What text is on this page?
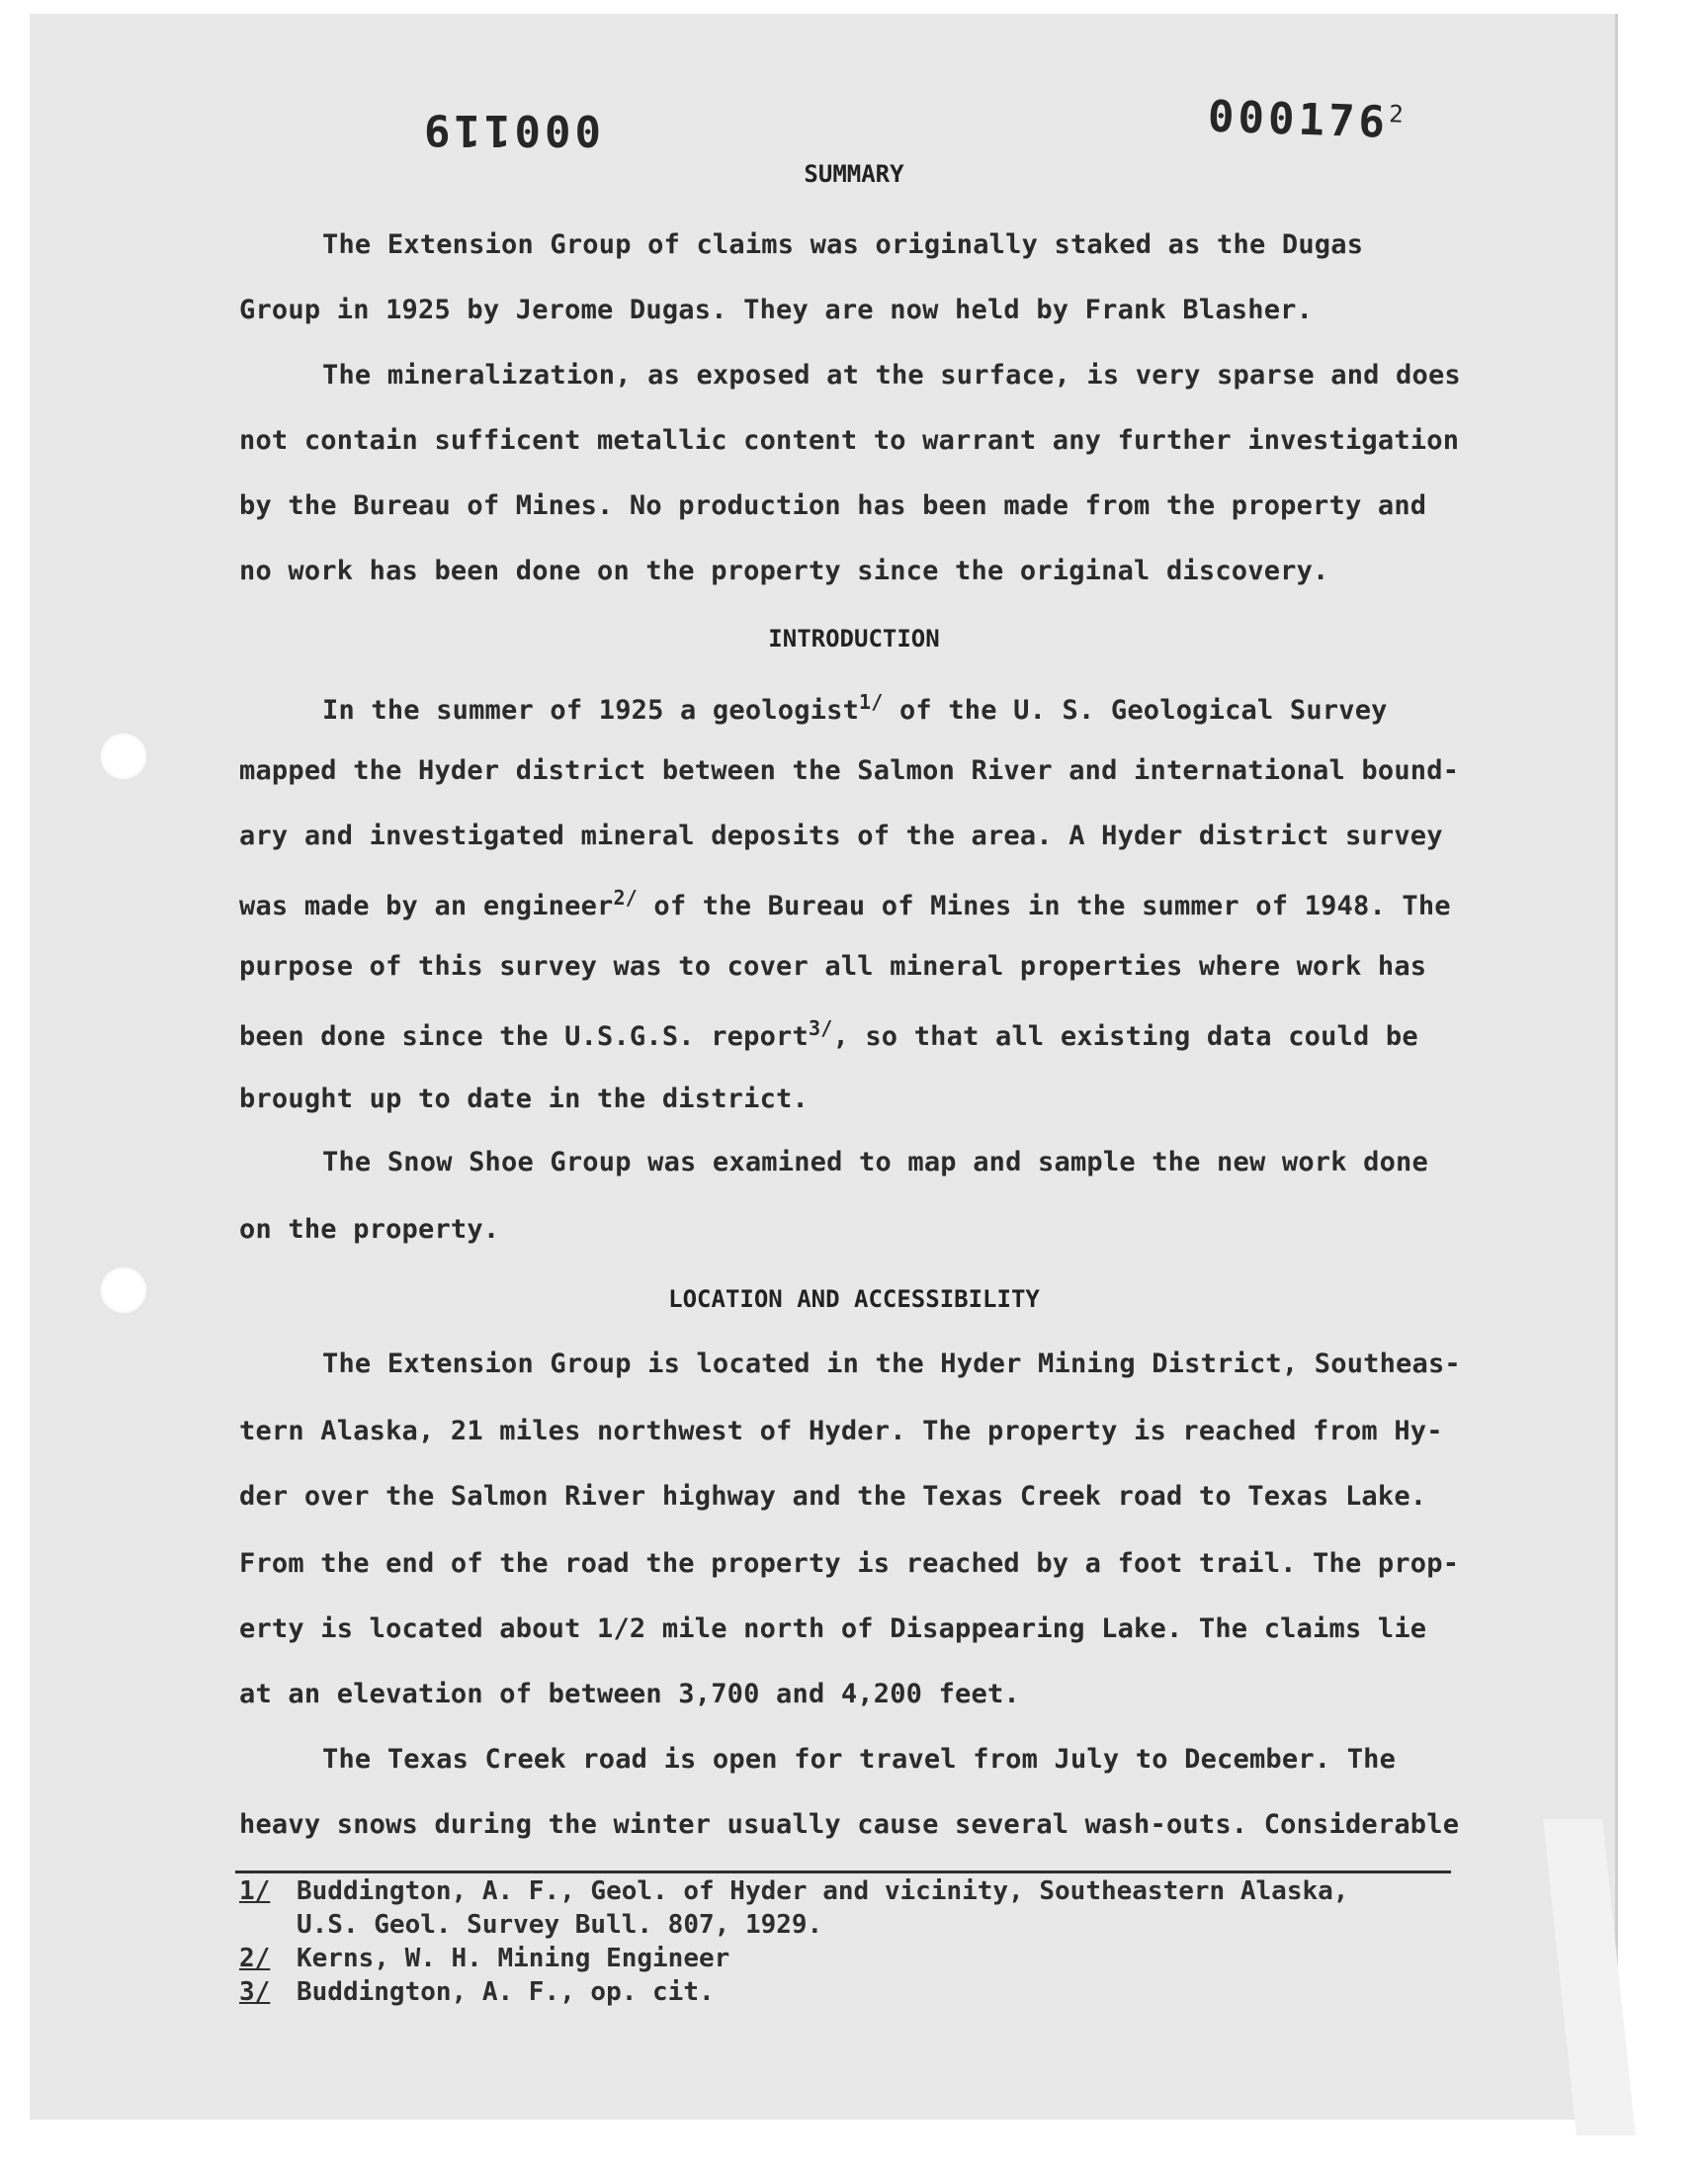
000119	000176$^2$
SUMMARY
The Extension Group of claims was originally staked as the Dugas
Group in 1925 by Jerome Dugas. They are now held by Frank Blasher.
The mineralization, as exposed at the surface, is very sparse and does
not contain sufficent metallic content to warrant any further investigation
by the Bureau of Mines. No production has been made from the property and
no work has been done on the property since the original discovery.
INTRODUCTION
In the summer of 1925 a geologist$^{1/}$ of the U. S. Geological Survey
mapped the Hyder district between the Salmon River and international bound-
ary and investigated mineral deposits of the area. A Hyder district survey
was made by an engineer$^{2/}$ of the Bureau of Mines in the summer of 1948. The
purpose of this survey was to cover all mineral properties where work has
been done since the U.S.G.S. report$^{3/}$, so that all existing data could be
brought up to date in the district.
The Snow Shoe Group was examined to map and sample the new work done
on the property.
LOCATION AND ACCESSIBILITY
The Extension Group is located in the Hyder Mining District, Southeas-
tern Alaska, 21 miles northwest of Hyder. The property is reached from Hy-
der over the Salmon River highway and the Texas Creek road to Texas Lake.
From the end of the road the property is reached by a foot trail. The prop-
erty is located about 1/2 mile north of Disappearing Lake. The claims lie
at an elevation of between 3,700 and 4,200 feet.
The Texas Creek road is open for travel from July to December. The
heavy snows during the winter usually cause several wash-outs. Considerable
1/ Buddington, A. F., Geol. of Hyder and vicinity, Southeastern Alaska,
U.S. Geol. Survey Bull. 807, 1929.
2/ Kerns, W. H. Mining Engineer
3/ Buddington, A. F., op. cit.
